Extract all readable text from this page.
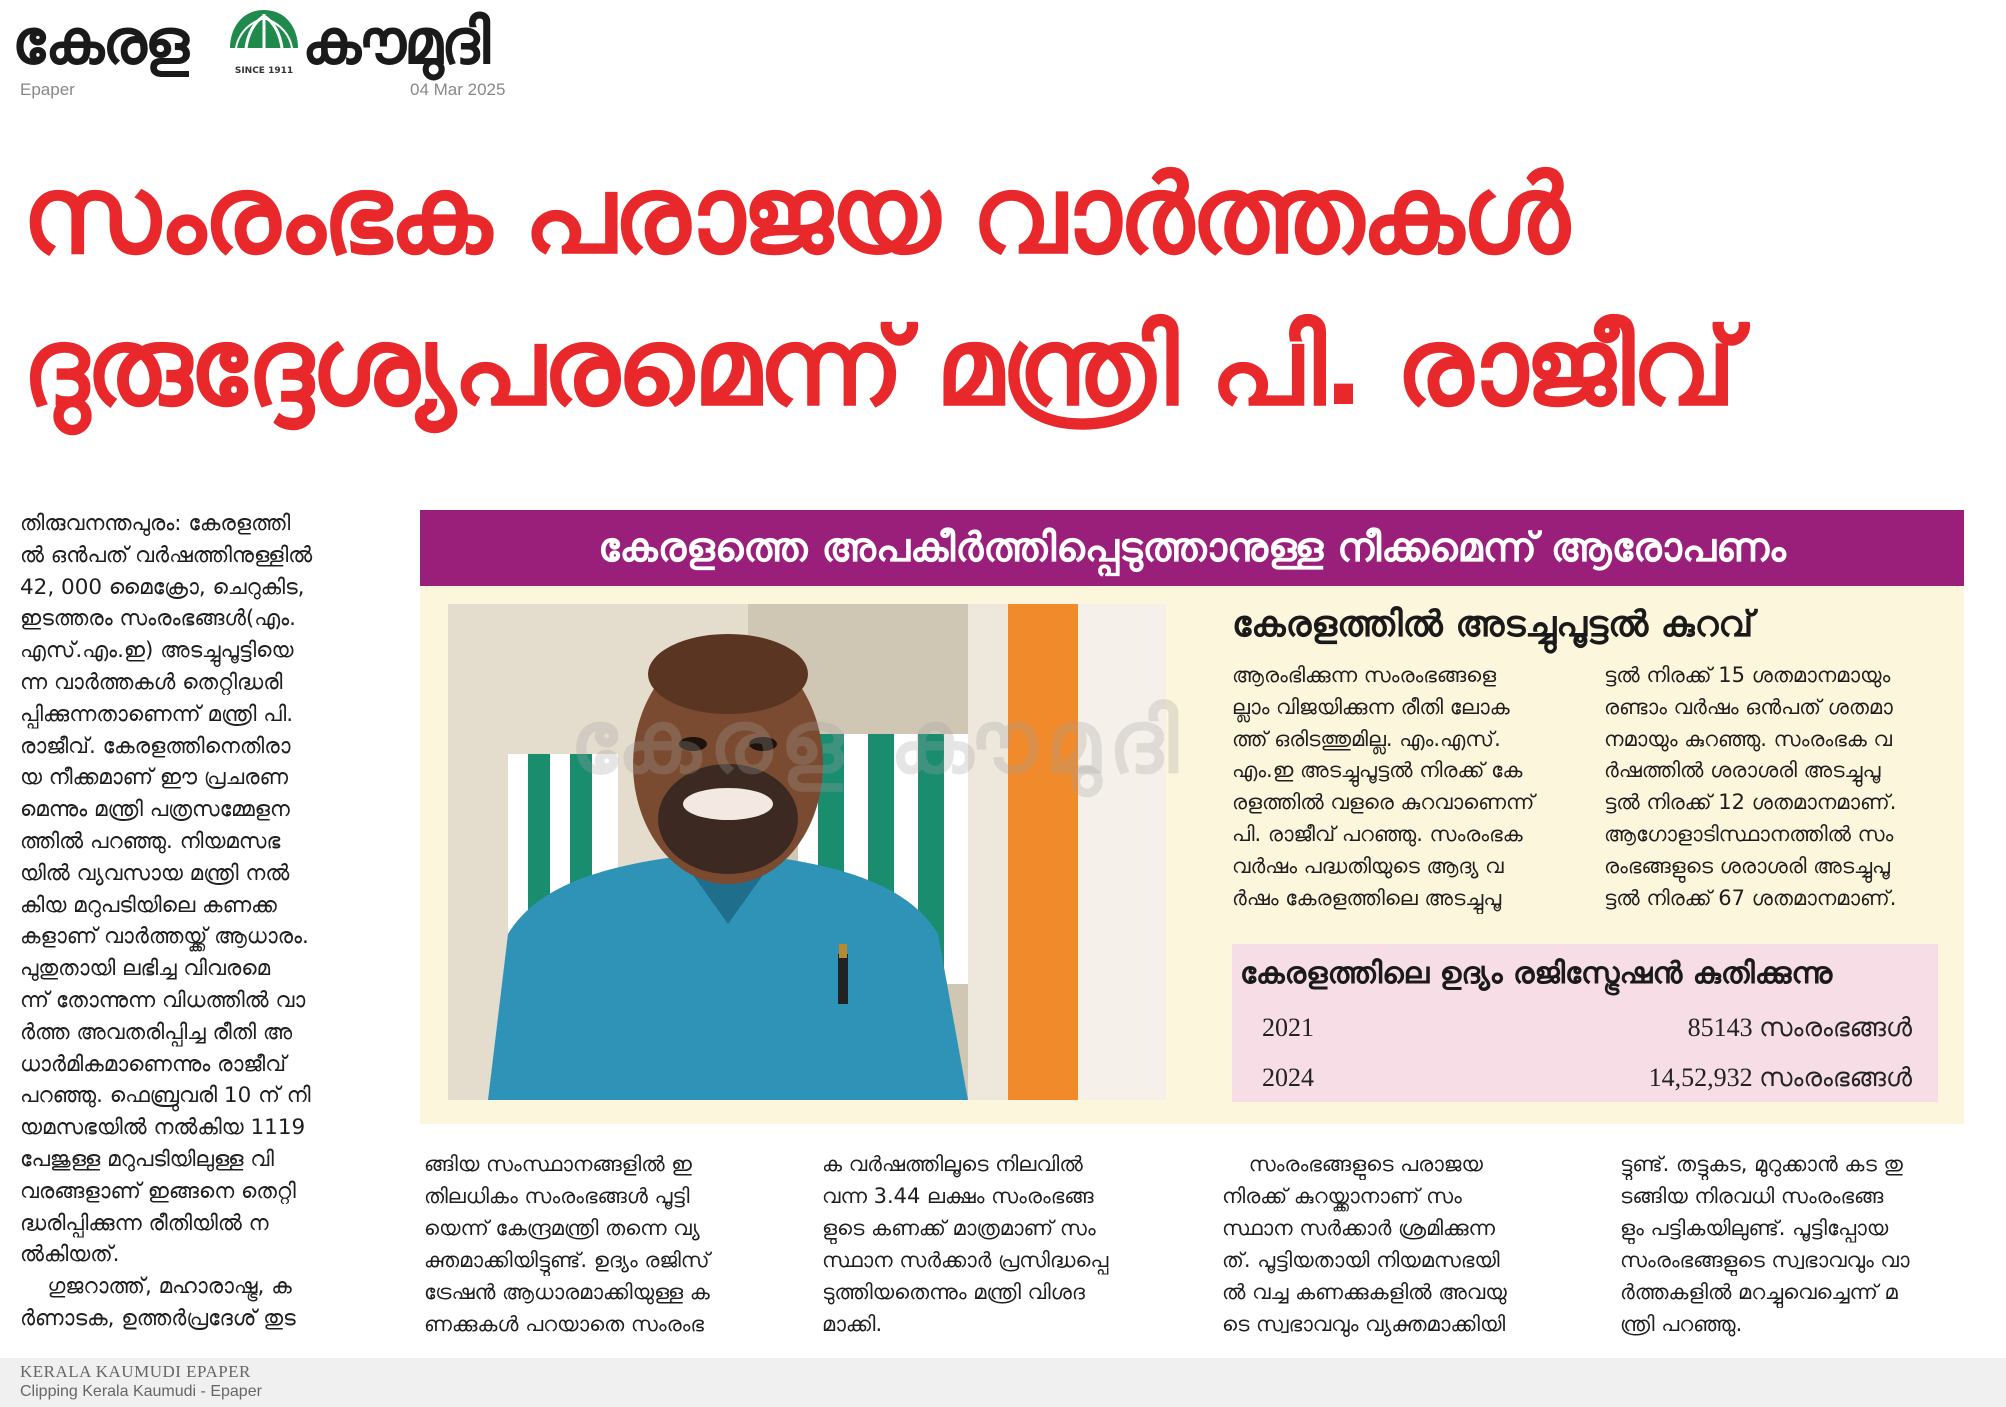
കേരള	SINCE 1911 കൗമുദി
Epaper	04 Mar 2025
സംരംഭക പരാജയ വാർത്തകൾ
ദുരുദ്ദേശ്യപരമെന്ന് മന്ത്രി പി. രാജീവ്
തിരുവനന്തപുരം: കേരളത്തി
ൽ ഒൻപത് വർഷത്തിനുള്ളിൽ
42, 000 മൈക്രോ, ചെറുകിട,
ഇടത്തരം സംരംഭങ്ങൾ(എം.
എസ്.എം.ഇ) അടച്ചുപൂട്ടിയെ
ന്ന വാർത്തകൾ തെറ്റിദ്ധരി
പ്പിക്കുന്നതാണെന്ന് മന്ത്രി പി.
രാജീവ്. കേരളത്തിനെതിരാ
യ നീക്കമാണ് ഈ പ്രചരണ
മെന്നും മന്ത്രി പത്രസമ്മേളന
ത്തിൽ പറഞ്ഞു. നിയമസഭ
യിൽ വ്യവസായ മന്ത്രി നൽ
കിയ മറുപടിയിലെ കണക്ക
കളാണ് വാർത്തയ്ക്ക് ആധാരം.
പുതുതായി ലഭിച്ച വിവരമെ
ന്ന് തോന്നുന്ന വിധത്തിൽ വാ
ർത്ത അവതരിപ്പിച്ച രീതി അ
ധാർമികമാണെന്നും രാജീവ്
പറഞ്ഞു. ഫെബ്രുവരി 10 ന് നി
യമസഭയിൽ നൽകിയ 1119
പേജുള്ള മറുപടിയിലുള്ള വി
വരങ്ങളാണ് ഇങ്ങനെ തെറ്റി
ദ്ധരിപ്പിക്കുന്ന രീതിയിൽ ന
ൽകിയത്.
ഗുജറാത്ത്, മഹാരാഷ്ട്ര, ക
ർണാടക, ഉത്തർപ്രദേശ് തുട
കേരളത്തെ അപകീർത്തിപ്പെടുത്താനുള്ള നീക്കമെന്ന് ആരോപണം
കേരള കൗമുദി
കേരളത്തിൽ അടച്ചുപൂട്ടൽ കുറവ്
ആരംഭിക്കുന്ന സംരംഭങ്ങളെ
ല്ലാം വിജയിക്കുന്ന രീതി ലോക
ത്ത് ഒരിടത്തുമില്ല. എം.എസ്.
എം.ഇ അടച്ചുപൂട്ടൽ നിരക്ക് കേ
രളത്തിൽ വളരെ കുറവാണെന്ന്
പി. രാജീവ് പറഞ്ഞു. സംരംഭക
വർഷം പദ്ധതിയുടെ ആദ്യ വ
ർഷം കേരളത്തിലെ അടച്ചുപൂ
ട്ടൽ നിരക്ക് 15 ശതമാനമായും
രണ്ടാം വർഷം ഒൻപത് ശതമാ
നമായും കുറഞ്ഞു. സംരംഭക വ
ർഷത്തിൽ ശരാശരി അടച്ചുപൂ
ട്ടൽ നിരക്ക് 12 ശതമാനമാണ്.
ആഗോളാടിസ്ഥാനത്തിൽ സം
രംഭങ്ങളുടെ ശരാശരി അടച്ചുപൂ
ട്ടൽ നിരക്ക് 67 ശതമാനമാണ്.
കേരളത്തിലെ ഉദ്യം രജിസ്ട്രേഷൻ കുതിക്കുന്നു
2021	85143 സംരംഭങ്ങൾ
2024	14,52,932 സംരംഭങ്ങൾ
ങ്ങിയ സംസ്ഥാനങ്ങളിൽ ഇ
തിലധികം സംരംഭങ്ങൾ പൂട്ടി
യെന്ന് കേന്ദ്രമന്ത്രി തന്നെ വ്യ
ക്തമാക്കിയിട്ടുണ്ട്. ഉദ്യം രജിസ്
ട്രേഷൻ ആധാരമാക്കിയുള്ള ക
ണക്കുകൾ പറയാതെ സംരംഭ
ക വർഷത്തിലൂടെ നിലവിൽ
വന്ന 3.44 ലക്ഷം സംരംഭങ്ങ
ളുടെ കണക്ക് മാത്രമാണ് സം
സ്ഥാന സർക്കാർ പ്രസിദ്ധപ്പെ
ടുത്തിയതെന്നും മന്ത്രി വിശദ
മാക്കി.
സംരംഭങ്ങളുടെ പരാജയ
നിരക്ക് കുറയ്ക്കാനാണ് സം
സ്ഥാന സർക്കാർ ശ്രമിക്കുന്ന
ത്. പൂട്ടിയതായി നിയമസഭയി
ൽ വച്ച കണക്കുകളിൽ അവയു
ടെ സ്വഭാവവും വ്യക്തമാക്കിയി
ട്ടുണ്ട്. തട്ടുകട, മുറുക്കാൻ കട തു
ടങ്ങിയ നിരവധി സംരംഭങ്ങ
ളും പട്ടികയിലുണ്ട്. പൂട്ടിപ്പോയ
സംരംഭങ്ങളുടെ സ്വഭാവവും വാ
ർത്തകളിൽ മറച്ചുവെച്ചെന്ന് മ
ന്ത്രി പറഞ്ഞു.
KERALA KAUMUDI EPAPER
Clipping Kerala Kaumudi - Epaper
